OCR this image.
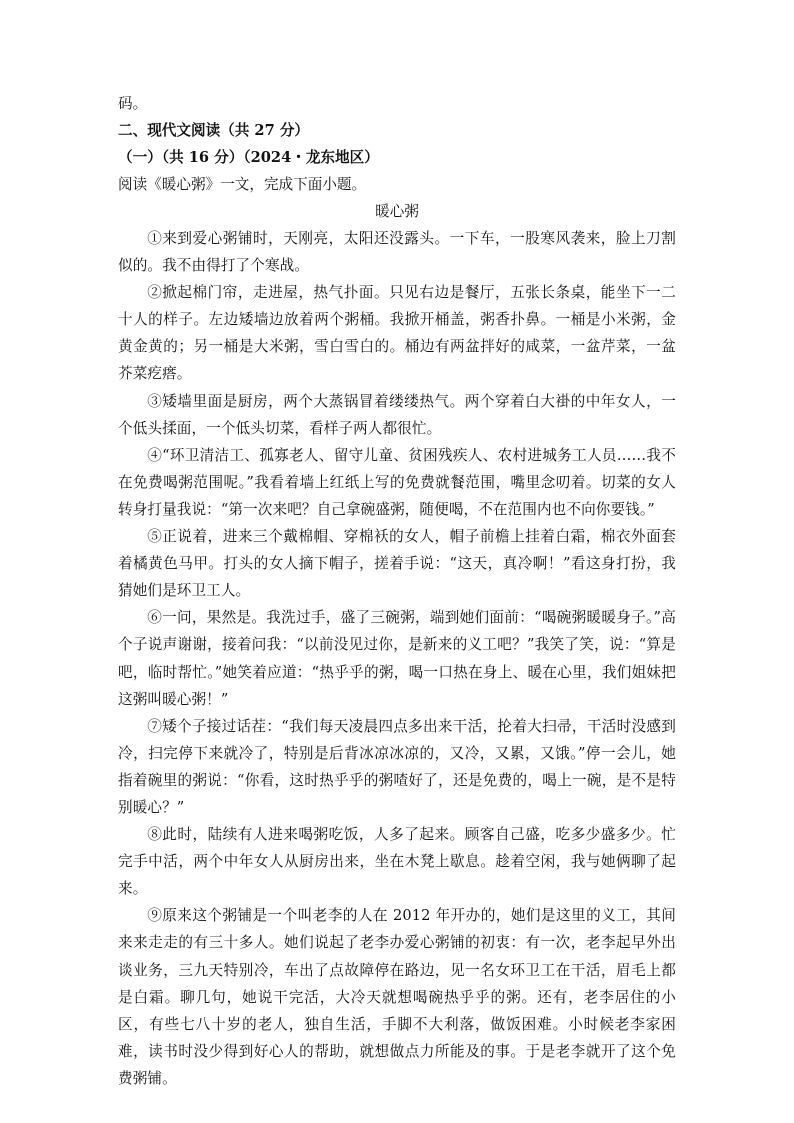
码。

二、现代文阅读（共 27 分）

（一）（共 16 分）（2024・龙东地区）

阅读《暖心粥》一文，完成下面小题。

暖心粥

①来到爱心粥铺时，天刚亮，太阳还没露头。一下车，一股寒风袭来，脸上刀割似的。我不由得打了个寒战。

②掀起棉门帘，走进屋，热气扑面。只见右边是餐厅，五张长条桌，能坐下一二十人的样子。左边矮墙边放着两个粥桶。我掀开桶盖，粥香扑鼻。一桶是小米粥，金黄金黄的；另一桶是大米粥，雪白雪白的。桶边有两盆拌好的咸菜，一盆芹菜，一盆芥菜疙瘩。

③矮墙里面是厨房，两个大蒸锅冒着缕缕热气。两个穿着白大褂的中年女人，一个低头揉面，一个低头切菜，看样子两人都很忙。

④“环卫清洁工、孤寡老人、留守儿童、贫困残疾人、农村进城务工人员……我不在免费喝粥范围呢。”我看着墙上红纸上写的免费就餐范围，嘴里念叨着。切菜的女人转身打量我说：“第一次来吧？自己拿碗盛粥，随便喝，不在范围内也不向你要钱。”

⑤正说着，进来三个戴棉帽、穿棉袄的女人，帽子前檐上挂着白霜，棉衣外面套着橘黄色马甲。打头的女人摘下帽子，搓着手说：“这天，真冷啊！”看这身打扮，我猜她们是环卫工人。

⑥一问，果然是。我洗过手，盛了三碗粥，端到她们面前：“喝碗粥暖暖身子。”高个子说声谢谢，接着问我：“以前没见过你，是新来的义工吧？”我笑了笑，说：“算是吧，临时帮忙。”她笑着应道：“热乎乎的粥，喝一口热在身上、暖在心里，我们姐妹把这粥叫暖心粥！”

⑦矮个子接过话茬：“我们每天凌晨四点多出来干活，抡着大扫帚，干活时没感到冷，扫完停下来就冷了，特别是后背冰凉冰凉的，又冷，又累，又饿。”停一会儿，她指着碗里的粥说：“你看，这时热乎乎的粥喳好了，还是免费的，喝上一碗，是不是特别暖心？”

⑧此时，陆续有人进来喝粥吃饭，人多了起来。顾客自己盛，吃多少盛多少。忙完手中活，两个中年女人从厨房出来，坐在木凳上歇息。趁着空闲，我与她俩聊了起来。

⑨原来这个粥铺是一个叫老李的人在 2012 年开办的，她们是这里的义工，其间来来走走的有三十多人。她们说起了老李办爱心粥铺的初衷：有一次，老李起早外出谈业务，三九天特别冷，车出了点故障停在路边，见一名女环卫工在干活，眉毛上都是白霜。聊几句，她说干完活，大冷天就想喝碗热乎乎的粥。还有，老李居住的小区，有些七八十岁的老人，独自生活，手脚不大利落，做饭困难。小时候老李家困难，读书时没少得到好心人的帮助，就想做点力所能及的事。于是老李就开了这个免费粥铺。
